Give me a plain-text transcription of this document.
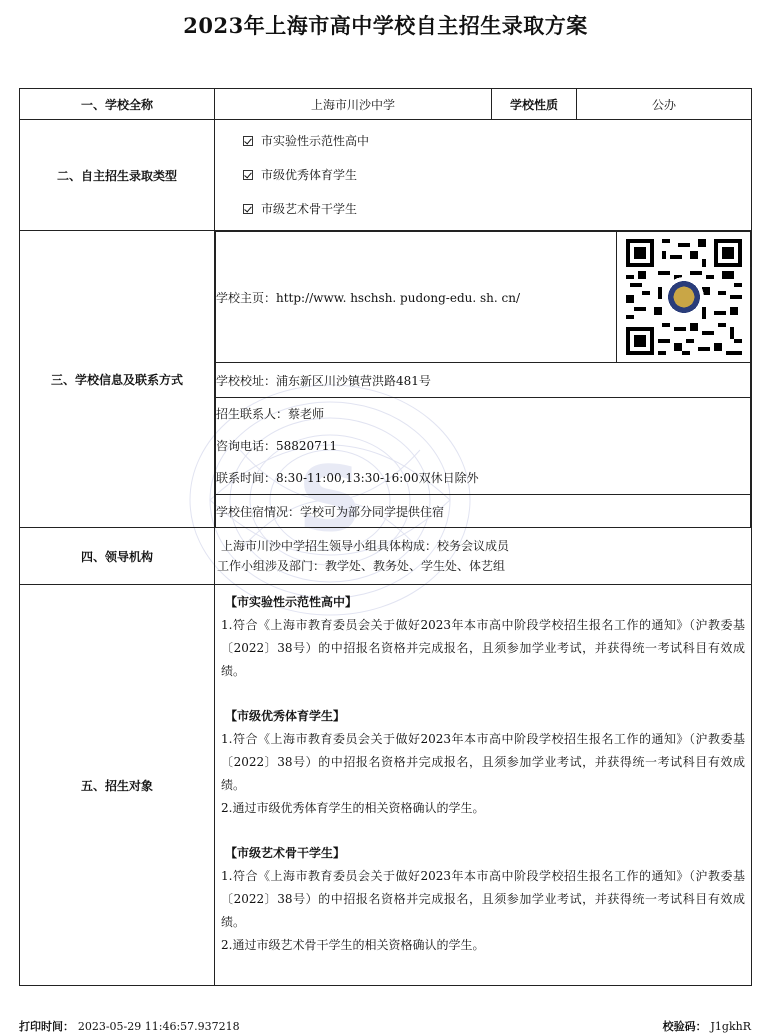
2023年上海市高中学校自主招生录取方案
S
一、学校全称	上海市川沙中学	学校性质	公办
二、自主招生录取类型	
市实验性示范性高中
市级优秀体育学生
市级艺术骨干学生

三、学校信息及联系方式	
学校主页：http://www. hschsh. pudong-edu. sh. cn/	

学校校址：浦东新区川沙镇营洪路481号

招生联系人：蔡老师
咨询电话：58820711
联系时间：8:30-11:00,13:30-16:00双休日除外

学校住宿情况：学校可为部分同学提供住宿

四、领导机构	
上海市川沙中学招生领导小组具体构成：校务会议成员
工作小组涉及部门：教学处、教务处、学生处、体艺组

五、招生对象	
【市实验性示范性高中】
1.符合《上海市教育委员会关于做好2023年本市高中阶段学校招生报名工作的通知》（沪教委基〔2022〕38号）的中招报名资格并完成报名，且须参加学业考试，并获得统一考试科目有效成绩。
【市级优秀体育学生】
1.符合《上海市教育委员会关于做好2023年本市高中阶段学校招生报名工作的通知》（沪教委基〔2022〕38号）的中招报名资格并完成报名，且须参加学业考试，并获得统一考试科目有效成绩。
2.通过市级优秀体育学生的相关资格确认的学生。
【市级艺术骨干学生】
1.符合《上海市教育委员会关于做好2023年本市高中阶段学校招生报名工作的通知》（沪教委基〔2022〕38号）的中招报名资格并完成报名，且须参加学业考试，并获得统一考试科目有效成绩。
2.通过市级艺术骨干学生的相关资格确认的学生。
打印时间： 2023-05-29 11:46:57.937218	校验码： J1gkhR
